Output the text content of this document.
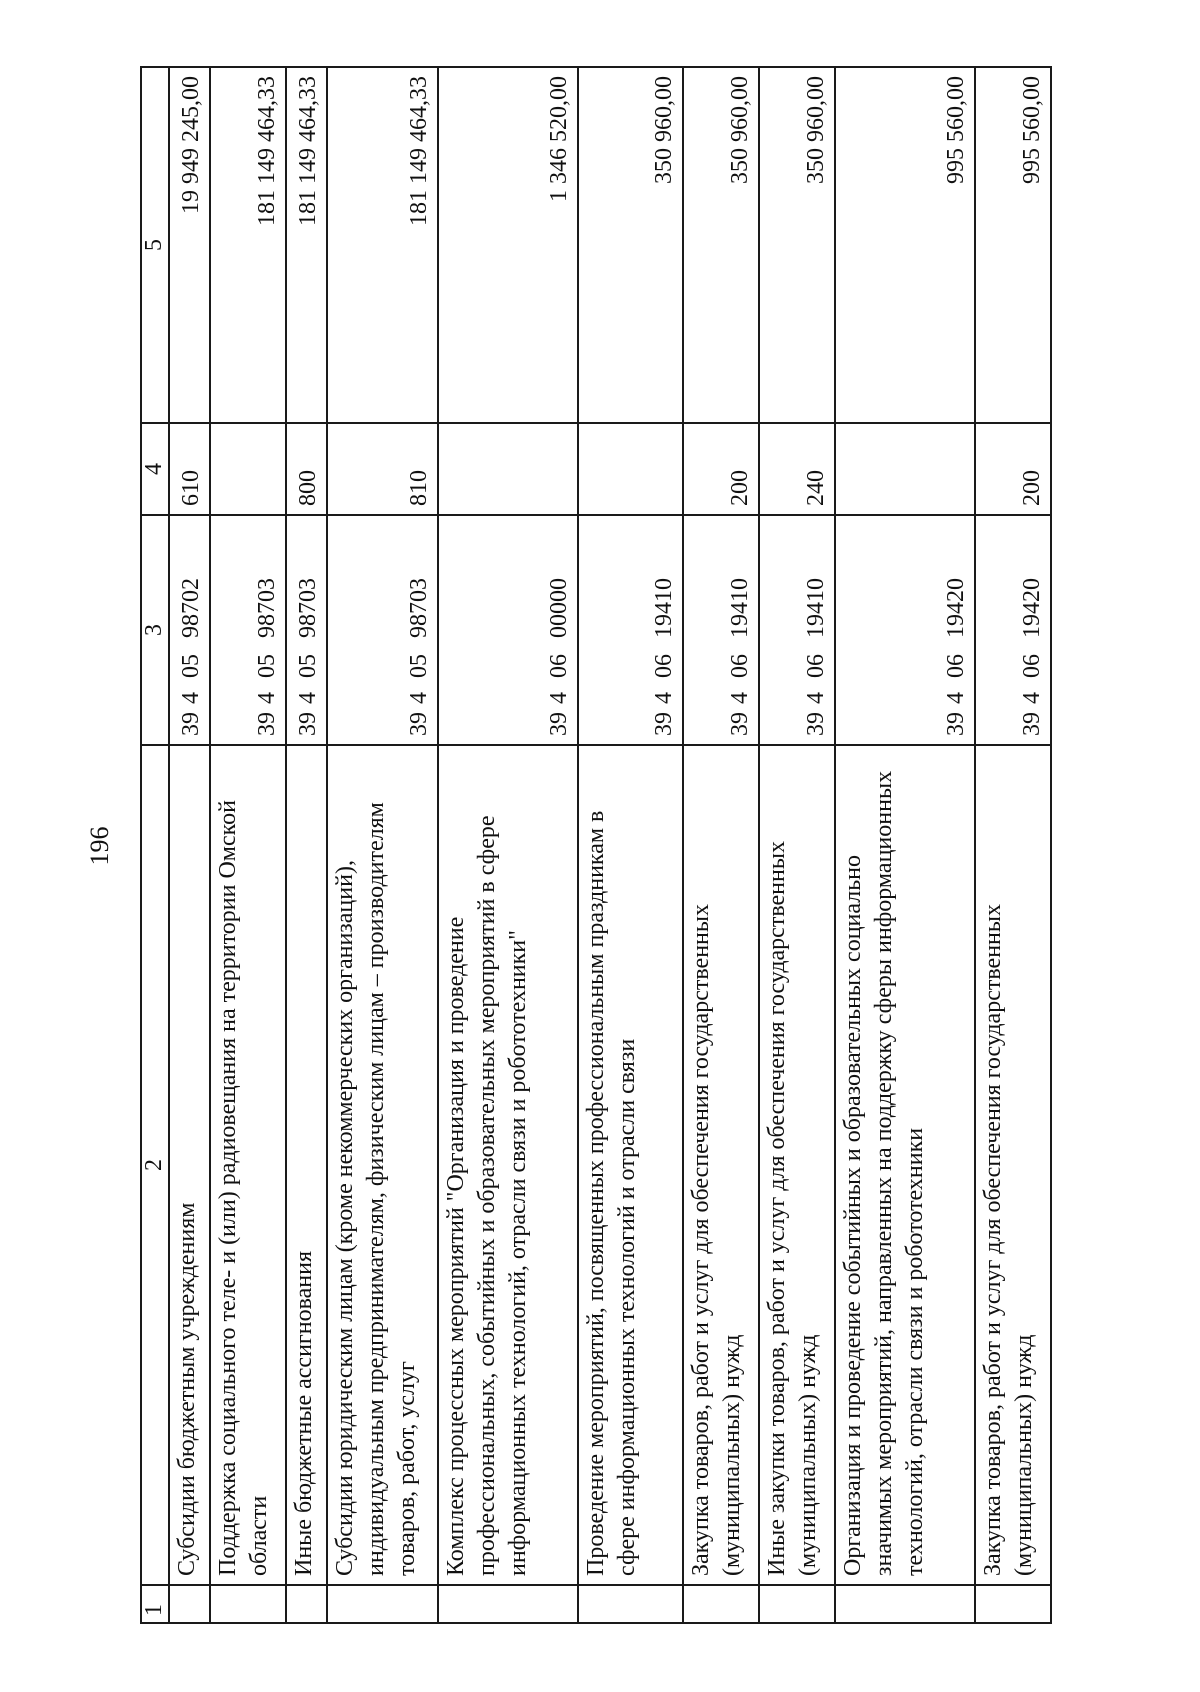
196
1	2	3	4	5
	Субсидии бюджетным учреждениям	3940598702	610	19 949 245,00
	Поддержка социального теле- и (или) радиовещания на территории Омской области	3940598703		181 149 464,33
	Иные бюджетные ассигнования	3940598703	800	181 149 464,33
	Субсидии юридическим лицам (кроме некоммерческих организаций), индивидуальным предпринимателям, физическим лицам – производителям товаров, работ, услуг	3940598703	810	181 149 464,33
	Комплекс процессных мероприятий "Организация и проведение профессиональных, событийных и образовательных мероприятий в сфере информационных технологий, отрасли связи и робототехники"	3940600000		1 346 520,00
	Проведение мероприятий, посвященных профессиональным праздникам в сфере информационных технологий и отрасли связи	3940619410		350 960,00
	Закупка товаров, работ и услуг для обеспечения государственных (муниципальных) нужд	3940619410	200	350 960,00
	Иные закупки товаров, работ и услуг для обеспечения государственных (муниципальных) нужд	3940619410	240	350 960,00
	Организация и проведение событийных и образовательных социально значимых мероприятий, направленных на поддержку сферы информационных технологий, отрасли связи и робототехники	3940619420		995 560,00
	Закупка товаров, работ и услуг для обеспечения государственных (муниципальных) нужд	3940619420	200	995 560,00
